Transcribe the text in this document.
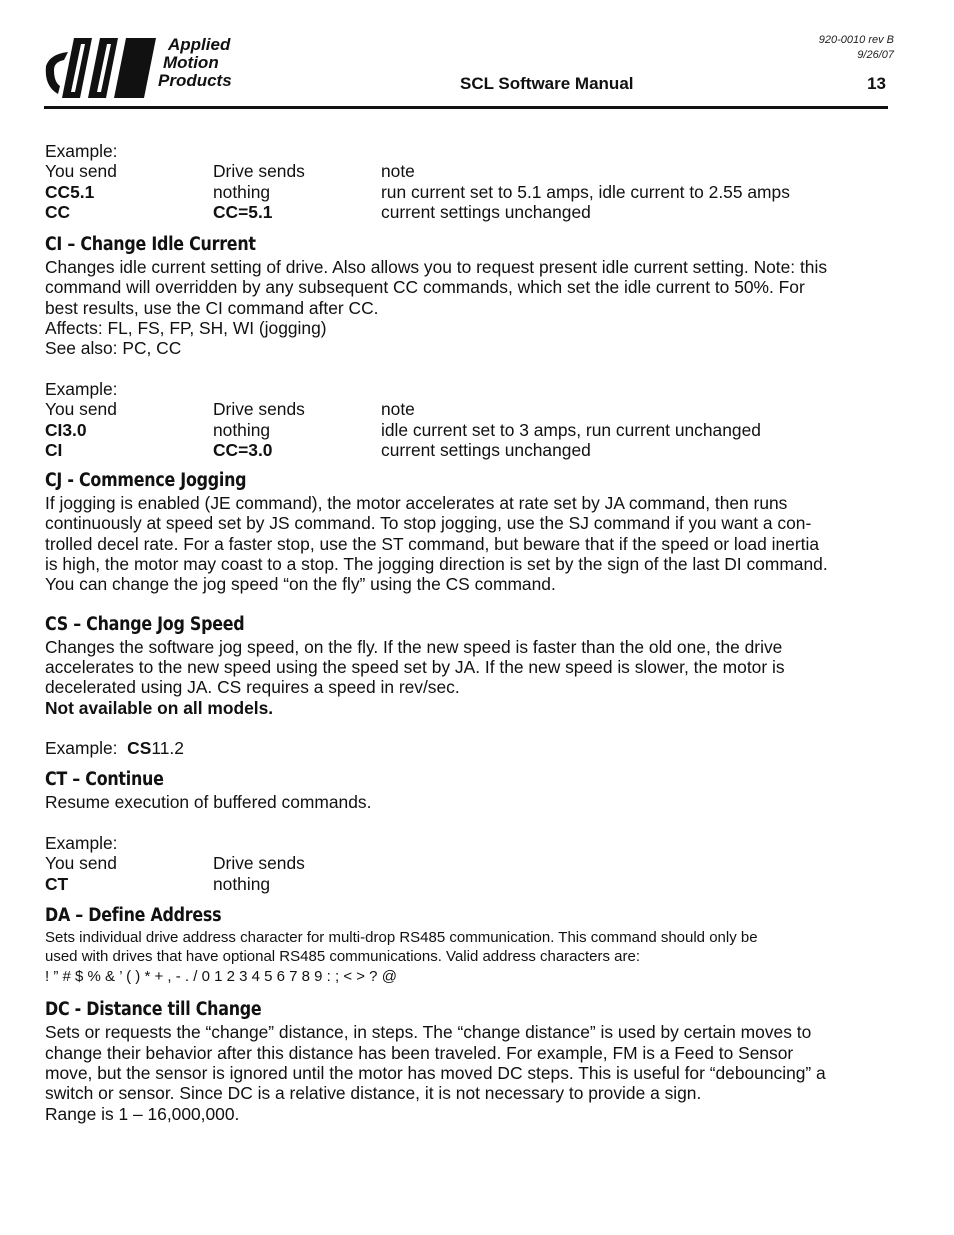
Applied
Motion
Products
920-0010 rev B
9/26/07
SCL Software Manual	13
Example:
You send	Drive sends	note
CC5.1	nothing	run current set to 5.1 amps, idle current to 2.55 amps
CC	CC=5.1	current settings unchanged
CI – Change Idle Current
Changes idle current setting of drive. Also allows you to request present idle current setting. Note: this
command will overridden by any subsequent CC commands, which set the idle current to 50%. For
best results, use the CI command after CC.
Affects: FL, FS, FP, SH, WI (jogging)
See also: PC, CC
Example:
You send	Drive sends	note
CI3.0	nothing	idle current set to 3 amps, run current unchanged
CI	CC=3.0	current settings unchanged
CJ - Commence Jogging
If jogging is enabled (JE command), the motor accelerates at rate set by JA command, then runs
continuously at speed set by JS command. To stop jogging, use the SJ command if you want a con-
trolled decel rate. For a faster stop, use the ST command, but beware that if the speed or load inertia
is high, the motor may coast to a stop. The jogging direction is set by the sign of the last DI command.
You can change the jog speed “on the fly” using the CS command.
CS – Change Jog Speed
Changes the software jog speed, on the fly. If the new speed is faster than the old one, the drive
accelerates to the new speed using the speed set by JA. If the new speed is slower, the motor is
decelerated using JA. CS requires a speed in rev/sec.
Not available on all models.
Example: CS11.2
CT – Continue
Resume execution of buffered commands.
Example:
You send	Drive sends
CT	nothing
DA – Define Address
Sets individual drive address character for multi-drop RS485 communication. This command should only be
used with drives that have optional RS485 communications. Valid address characters are:
! ” # $ % & ’ ( ) * + , - . / 0 1 2 3 4 5 6 7 8 9 : ; < > ? @
DC - Distance till Change
Sets or requests the “change” distance, in steps. The “change distance” is used by certain moves to
change their behavior after this distance has been traveled. For example, FM is a Feed to Sensor
move, but the sensor is ignored until the motor has moved DC steps. This is useful for “debouncing” a
switch or sensor. Since DC is a relative distance, it is not necessary to provide a sign.
Range is 1 – 16,000,000.
